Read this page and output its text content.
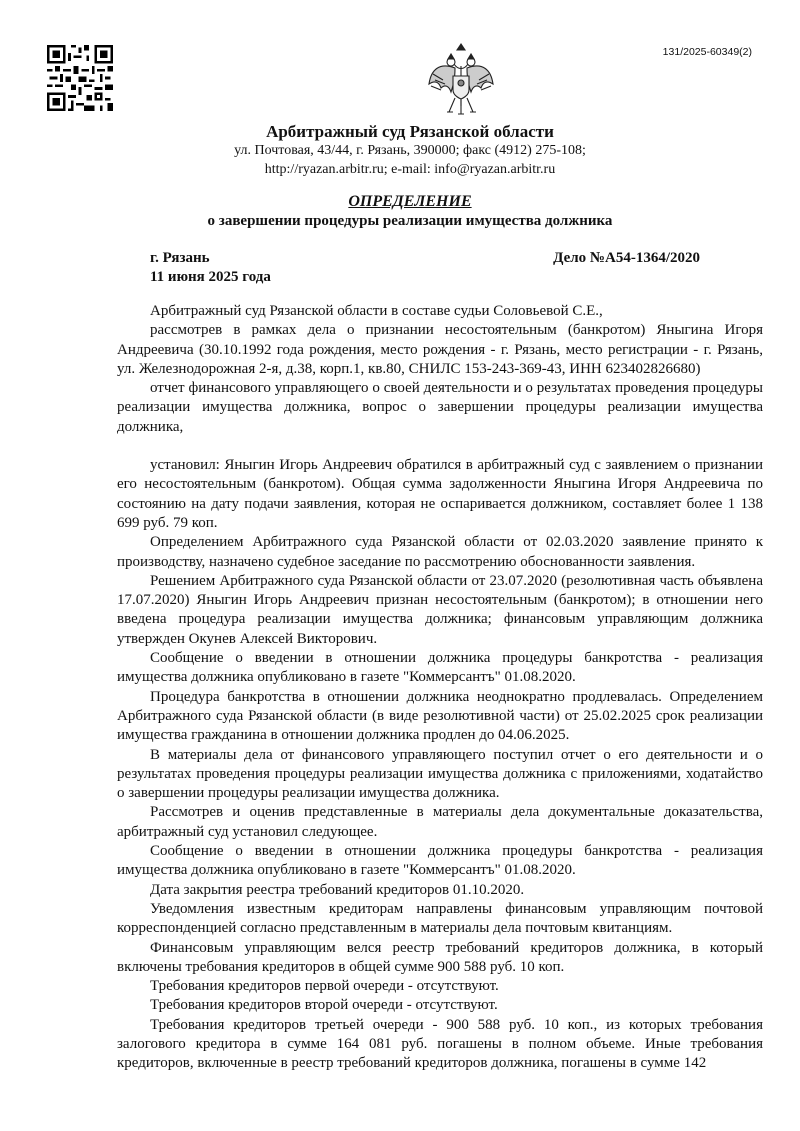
131/2025-60349(2)
Арбитражный суд Рязанской области
ул. Почтовая, 43/44, г. Рязань, 390000; факс (4912) 275-108;
http://ryazan.arbitr.ru; e-mail: info@ryazan.arbitr.ru
ОПРЕДЕЛЕНИЕ
о завершении процедуры реализации имущества должника
г. Рязань
11 июня 2025 года
Дело №А54-1364/2020

Арбитражный суд Рязанской области в составе судьи Соловьевой С.Е.,

рассмотрев в рамках дела о признании несостоятельным (банкротом) Яныгина Игоря Андреевича (30.10.1992 года рождения, место рождения - г. Рязань, место регистрации - г. Рязань, ул. Железнодорожная 2-я, д.38, корп.1, кв.80, СНИЛС 153-243-369-43, ИНН 623402826680)

отчет финансового управляющего о своей деятельности и о результатах проведения процедуры реализации имущества должника, вопрос о завершении процедуры реализации имущества должника,

установил: Яныгин Игорь Андреевич обратился в арбитражный суд с заявлением о признании его несостоятельным (банкротом). Общая сумма задолженности Яныгина Игоря Андреевича по состоянию на дату подачи заявления, которая не оспаривается должником, составляет более 1 138 699 руб. 79 коп.

Определением Арбитражного суда Рязанской области от 02.03.2020 заявление принято к производству, назначено судебное заседание по рассмотрению обоснованности заявления.

Решением Арбитражного суда Рязанской области от 23.07.2020 (резолютивная часть объявлена 17.07.2020) Яныгин Игорь Андреевич признан несостоятельным (банкротом); в отношении него введена процедура реализации имущества должника; финансовым управляющим должника утвержден Окунев Алексей Викторович.

Сообщение о введении в отношении должника процедуры банкротства - реализация имущества должника опубликовано в газете "Коммерсантъ" 01.08.2020.

Процедура банкротства в отношении должника неоднократно продлевалась. Определением Арбитражного суда Рязанской области (в виде резолютивной части) от 25.02.2025 срок реализации имущества гражданина в отношении должника продлен до 04.06.2025.

В материалы дела от финансового управляющего поступил отчет о его деятельности и о результатах проведения процедуры реализации имущества должника с приложениями, ходатайство о завершении процедуры реализации имущества должника.

Рассмотрев и оценив представленные в материалы дела документальные доказательства, арбитражный суд установил следующее.

Сообщение о введении в отношении должника процедуры банкротства - реализация имущества должника опубликовано в газете "Коммерсантъ" 01.08.2020.

Дата закрытия реестра требований кредиторов 01.10.2020.

Уведомления известным кредиторам направлены финансовым управляющим почтовой корреспонденцией согласно представленным в материалы дела почтовым квитанциям.

Финансовым управляющим велся реестр требований кредиторов должника, в который включены требования кредиторов в общей сумме 900 588 руб. 10 коп.

Требования кредиторов первой очереди - отсутствуют.

Требования кредиторов второй очереди - отсутствуют.

Требования кредиторов третьей очереди - 900 588 руб. 10 коп., из которых требования залогового кредитора в сумме 164 081 руб. погашены в полном объеме. Иные требования кредиторов, включенные в реестр требований кредиторов должника, погашены в сумме 142
